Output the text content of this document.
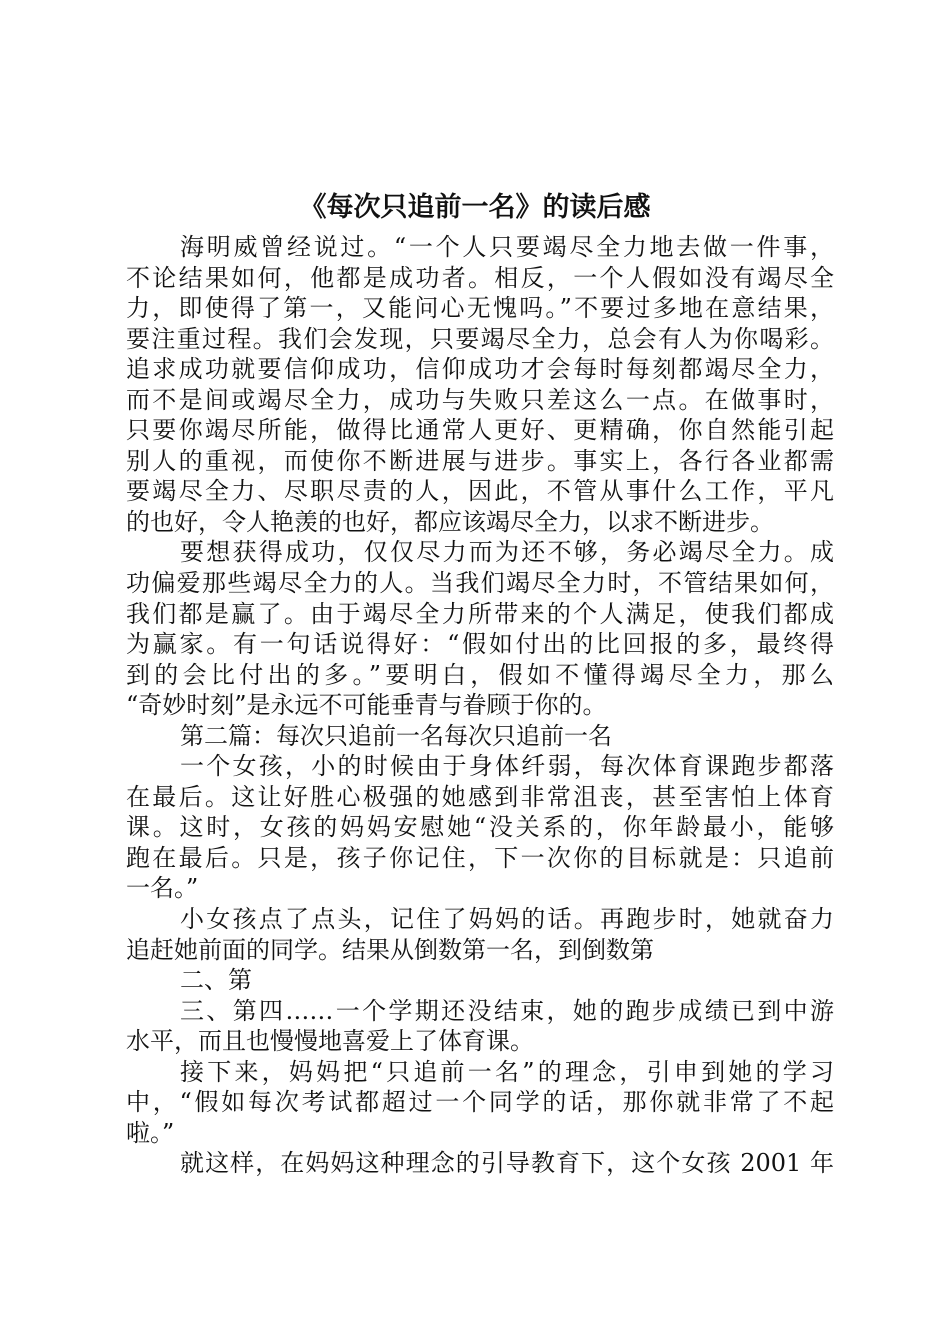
《每次只追前一名》的读后感
海明威曾经说过。“一个人只要竭尽全力地去做一件事，
不论结果如何，他都是成功者。相反，一个人假如没有竭尽全
力，即使得了第一，又能问心无愧吗。”不要过多地在意结果，
要注重过程。我们会发现，只要竭尽全力，总会有人为你喝彩。
追求成功就要信仰成功，信仰成功才会每时每刻都竭尽全力，
而不是间或竭尽全力，成功与失败只差这么一点。在做事时，
只要你竭尽所能，做得比通常人更好、更精确，你自然能引起
别人的重视，而使你不断进展与进步。事实上，各行各业都需
要竭尽全力、尽职尽责的人，因此，不管从事什么工作，平凡
的也好，令人艳羡的也好，都应该竭尽全力，以求不断进步。
要想获得成功，仅仅尽力而为还不够，务必竭尽全力。成
功偏爱那些竭尽全力的人。当我们竭尽全力时，不管结果如何，
我们都是赢了。由于竭尽全力所带来的个人满足，使我们都成
为赢家。有一句话说得好：“假如付出的比回报的多，最终得
到的会比付出的多。”要明白，假如不懂得竭尽全力，那么
“奇妙时刻”是永远不可能垂青与眷顾于你的。
第二篇：每次只追前一名每次只追前一名
一个女孩，小的时候由于身体纤弱，每次体育课跑步都落
在最后。这让好胜心极强的她感到非常沮丧，甚至害怕上体育
课。这时，女孩的妈妈安慰她“没关系的，你年龄最小，能够
跑在最后。只是，孩子你记住，下一次你的目标就是：只追前
一名。”
小女孩点了点头，记住了妈妈的话。再跑步时，她就奋力
追赶她前面的同学。结果从倒数第一名，到倒数第
二、第
三、第四……一个学期还没结束，她的跑步成绩已到中游
水平，而且也慢慢地喜爱上了体育课。
接下来，妈妈把“只追前一名”的理念，引申到她的学习
中，“假如每次考试都超过一个同学的话，那你就非常了不起
啦。”
就这样，在妈妈这种理念的引导教育下，这个女孩 2001 年
